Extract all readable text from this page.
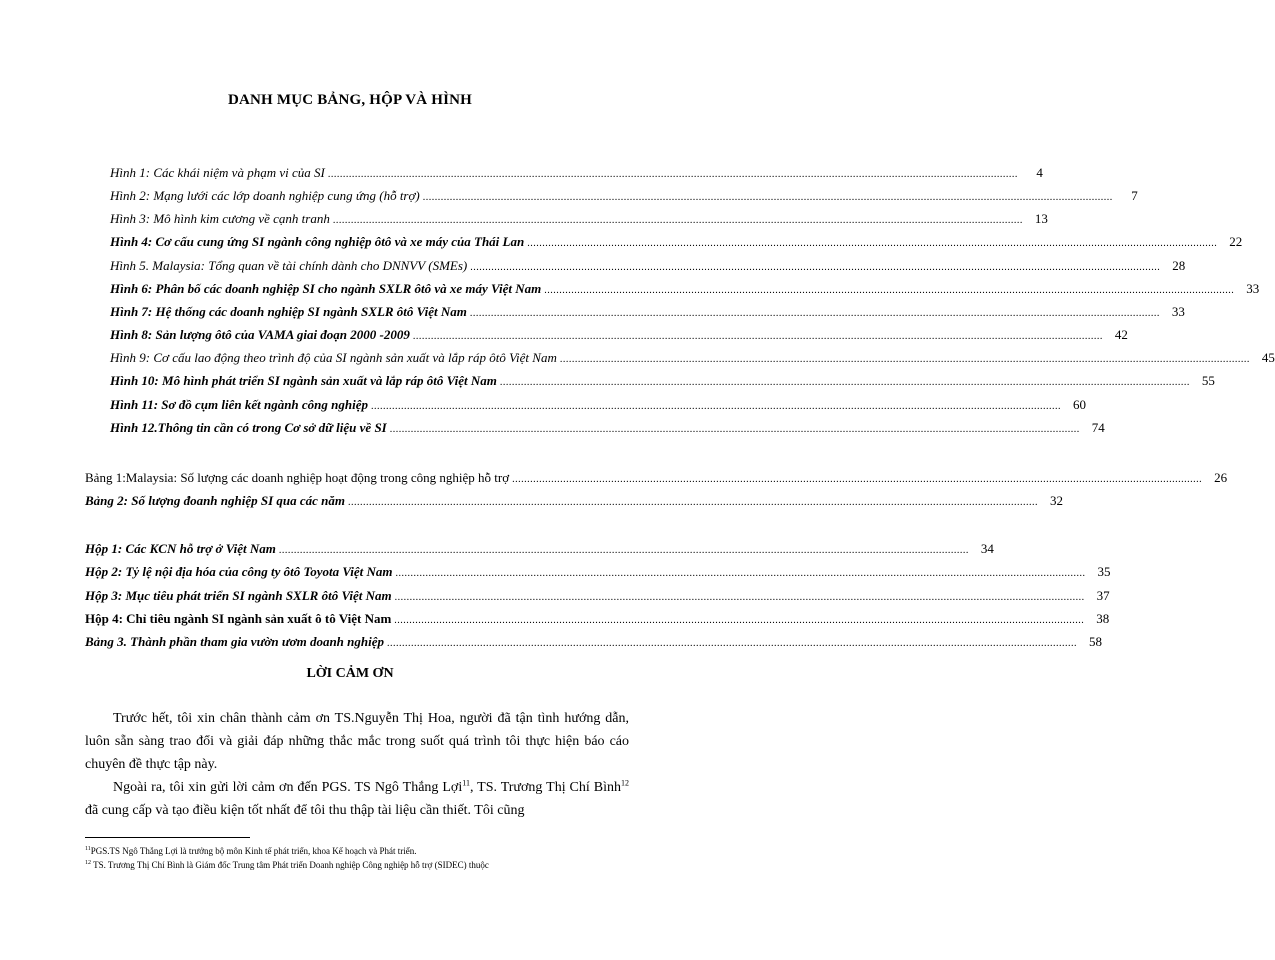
DANH MỤC BẢNG, HỘP VÀ HÌNH
Hình 1: Các khái niệm và phạm vi của SI .....	4
Hình 2: Mạng lưới các lớp doanh nghiệp cung ứng (hỗ trợ) .....	7
Hình 3: Mô hình kim cương về cạnh tranh .....	13
Hình 4: Cơ cấu cung ứng SI ngành công nghiệp ôtô và xe máy của Thái Lan .....	22
Hình 5. Malaysia: Tổng quan về tài chính dành cho DNNVV (SMEs) .....	28
Hình 6: Phân bố các doanh nghiệp SI cho ngành SXLR ôtô và xe máy Việt Nam .....	33
Hình 7: Hệ thống các doanh nghiệp SI ngành SXLR ôtô Việt Nam .....	33
Hình 8: Sản lượng ôtô của VAMA giai đoạn 2000 -2009 .....	42
Hình 9: Cơ cấu lao động theo trình độ của SI ngành sản xuất và lắp ráp ôtô Việt Nam .....	45
Hình 10: Mô hình phát triển SI ngành sản xuất và lắp ráp ôtô Việt Nam .....	55
Hình 11: Sơ đồ cụm liên kết ngành công nghiệp .....	60
Hình 12.Thông tin cần có trong Cơ sở dữ liệu về SI .....	74
Bảng 1:Malaysia: Số lượng các doanh nghiệp hoạt động trong công nghiệp hỗ trợ .....	26
Bảng 2: Số lượng đoanh nghiệp SI qua các năm .....	32
Hộp 1: Các KCN hỗ trợ ở Việt Nam .....	34
Hộp 2: Tỷ lệ nội địa hóa của công ty ôtô Toyota Việt Nam .....	35
Hộp 3: Mục tiêu phát triển SI ngành SXLR ôtô Việt Nam .....	37
Hộp 4: Chỉ tiêu ngành SI ngành sản xuất ô tô Việt Nam .....	38
Bảng 3. Thành phần tham gia vườn ươm doanh nghiệp .....	58
LỜI CẢM ƠN
Trước hết, tôi xin chân thành cảm ơn TS.Nguyễn Thị Hoa, người đã tận tình hướng dẫn, luôn sẵn sàng trao đổi và giải đáp những thắc mắc trong suốt quá trình tôi thực hiện báo cáo chuyên đề thực tập này.
Ngoài ra, tôi xin gửi lời cảm ơn đến PGS. TS Ngô Thắng Lợi$^{11}$, TS. Trương Thị Chí Bình$^{12}$ đã cung cấp và tạo điều kiện tốt nhất để tôi thu thập tài liệu cần thiết. Tôi cũng
$^{11}$PGS.TS Ngô Thắng Lợi là trưởng bộ môn Kinh tế phát triển, khoa Kế hoạch và Phát triển.
$^{12}$ TS. Trương Thị Chí Bình là Giám đốc Trung tâm Phát triển Doanh nghiệp Công nghiệp hỗ trợ (SIDEC) thuộc
